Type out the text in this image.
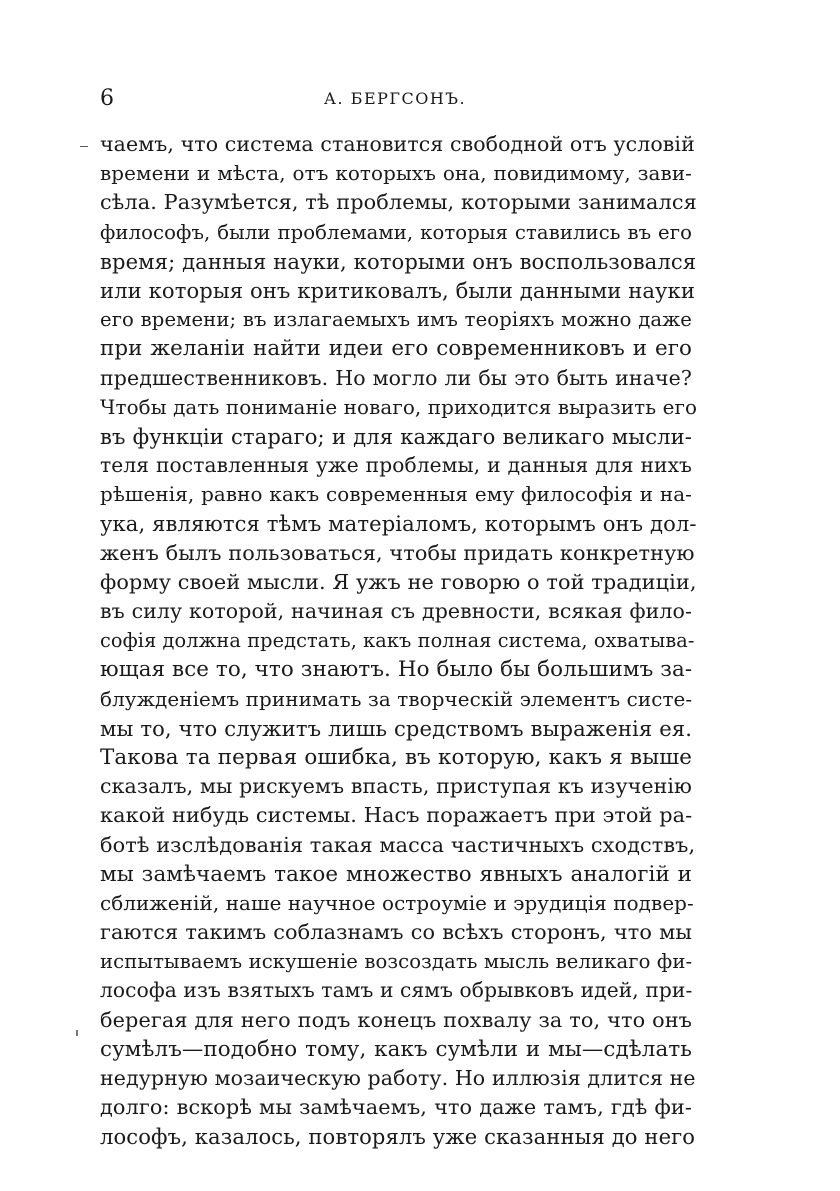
6	А. БЕРГСОНЪ.
чаемъ, что система становится свободной отъ условій
времени и мѣста, отъ которыхъ она, повидимому, зави-
сѣла. Разумѣется, тѣ проблемы, которыми занимался
философъ, были проблемами, которыя ставились въ его
время; данныя науки, которыми онъ воспользовался
или которыя онъ критиковалъ, были данными науки
его времени; въ излагаемыхъ имъ теоріяхъ можно даже
при желаніи найти идеи его современниковъ и его
предшественниковъ. Но могло ли бы это быть иначе?
Чтобы дать пониманіе новаго, приходится выразить его
въ функціи стараго; и для каждаго великаго мысли-
теля поставленныя уже проблемы, и данныя для нихъ
рѣшенія, равно какъ современныя ему философія и на-
ука, являются тѣмъ матеріаломъ, которымъ онъ дол-
женъ былъ пользоваться, чтобы придать конкретную
форму своей мысли. Я ужъ не говорю о той традиціи,
въ силу которой, начиная съ древности, всякая фило-
софія должна предстать, какъ полная система, охватыва-
ющая все то, что знаютъ. Но было бы большимъ за-
блужденіемъ принимать за творческій элементъ систе-
мы то, что служитъ лишь средствомъ выраженія ея.
Такова та первая ошибка, въ которую, какъ я выше
сказалъ, мы рискуемъ впасть, приступая къ изученію
какой нибудь системы. Насъ поражаетъ при этой ра-
ботѣ изслѣдованія такая масса частичныхъ сходствъ,
мы замѣчаемъ такое множество явныхъ аналогій и
сближеній, наше научное остроуміе и эрудиція подвер-
гаются такимъ соблазнамъ со всѣхъ сторонъ, что мы
испытываемъ искушеніе возсоздать мысль великаго фи-
лософа изъ взятыхъ тамъ и сямъ обрывковъ идей, при-
берегая для него подъ конецъ похвалу за то, что онъ
сумѣлъ—подобно тому, какъ сумѣли и мы—сдѣлать
недурную мозаическую работу. Но иллюзія длится не
долго: вскорѣ мы замѣчаемъ, что даже тамъ, гдѣ фи-
лософъ, казалось, повторялъ уже сказанныя до него
